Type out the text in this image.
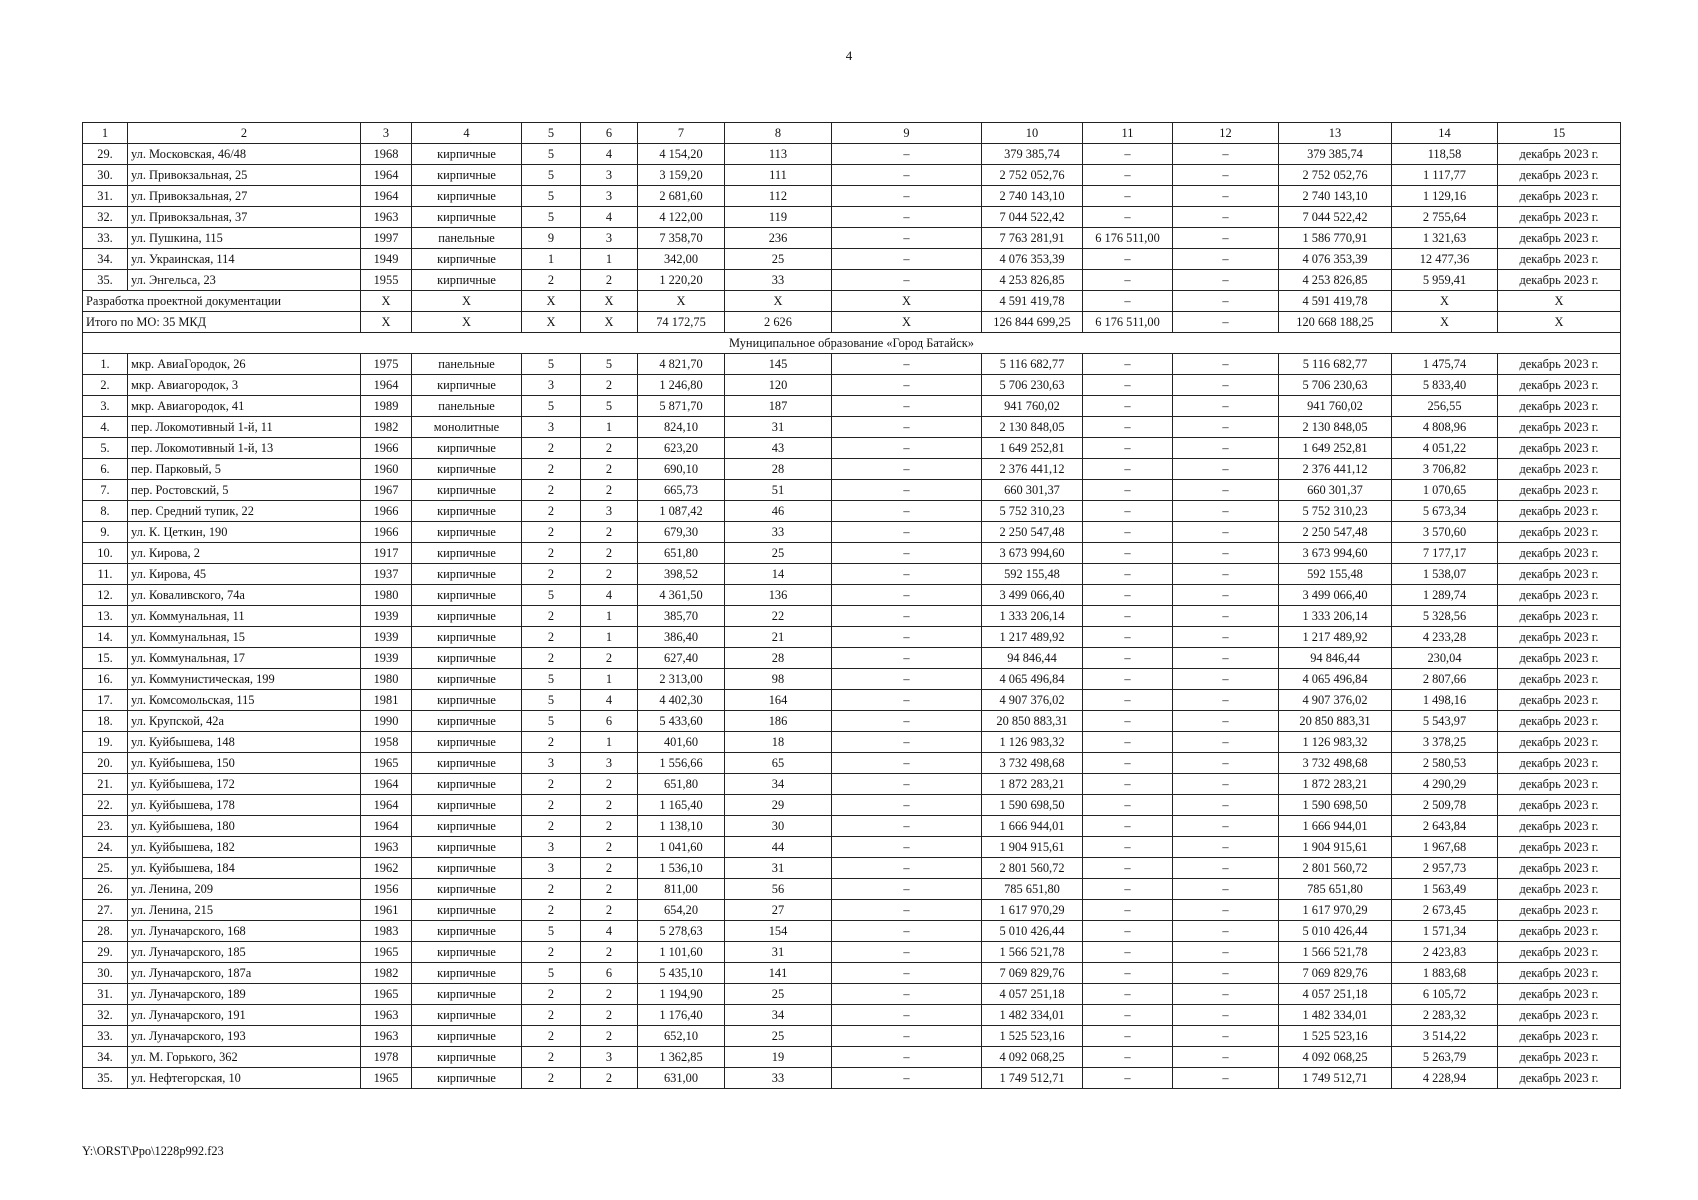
4
1	2	3	4	5	6	7	8	9	10	11	12	13	14	15
29.	ул. Московская, 46/48	1968	кирпичные	5	4	4 154,20	113	–	379 385,74	–	–	379 385,74	118,58	декабрь 2023 г.
30.	ул. Привокзальная, 25	1964	кирпичные	5	3	3 159,20	111	–	2 752 052,76	–	–	2 752 052,76	1 117,77	декабрь 2023 г.
31.	ул. Привокзальная, 27	1964	кирпичные	5	3	2 681,60	112	–	2 740 143,10	–	–	2 740 143,10	1 129,16	декабрь 2023 г.
32.	ул. Привокзальная, 37	1963	кирпичные	5	4	4 122,00	119	–	7 044 522,42	–	–	7 044 522,42	2 755,64	декабрь 2023 г.
33.	ул. Пушкина, 115	1997	панельные	9	3	7 358,70	236	–	7 763 281,91	6 176 511,00	–	1 586 770,91	1 321,63	декабрь 2023 г.
34.	ул. Украинская, 114	1949	кирпичные	1	1	342,00	25	–	4 076 353,39	–	–	4 076 353,39	12 477,36	декабрь 2023 г.
35.	ул. Энгельса, 23	1955	кирпичные	2	2	1 220,20	33	–	4 253 826,85	–	–	4 253 826,85	5 959,41	декабрь 2023 г.
Разработка проектной документации		X	X	X	X	X	X	X	4 591 419,78	–	–	4 591 419,78	X	X
Итого по МО: 35 МКД		X	X	X	X	74 172,75	2 626	X	126 844 699,25	6 176 511,00	–	120 668 188,25	X	X
Муниципальное образование «Город Батайск»														
1.	мкр. АвиаГородок, 26	1975	панельные	5	5	4 821,70	145	–	5 116 682,77	–	–	5 116 682,77	1 475,74	декабрь 2023 г.
2.	мкр. Авиагородок, 3	1964	кирпичные	3	2	1 246,80	120	–	5 706 230,63	–	–	5 706 230,63	5 833,40	декабрь 2023 г.
3.	мкр. Авиагородок, 41	1989	панельные	5	5	5 871,70	187	–	941 760,02	–	–	941 760,02	256,55	декабрь 2023 г.
4.	пер. Локомотивный 1-й, 11	1982	монолитные	3	1	824,10	31	–	2 130 848,05	–	–	2 130 848,05	4 808,96	декабрь 2023 г.
5.	пер. Локомотивный 1-й, 13	1966	кирпичные	2	2	623,20	43	–	1 649 252,81	–	–	1 649 252,81	4 051,22	декабрь 2023 г.
6.	пер. Парковый, 5	1960	кирпичные	2	2	690,10	28	–	2 376 441,12	–	–	2 376 441,12	3 706,82	декабрь 2023 г.
7.	пер. Ростовский, 5	1967	кирпичные	2	2	665,73	51	–	660 301,37	–	–	660 301,37	1 070,65	декабрь 2023 г.
8.	пер. Средний тупик, 22	1966	кирпичные	2	3	1 087,42	46	–	5 752 310,23	–	–	5 752 310,23	5 673,34	декабрь 2023 г.
9.	ул. К. Цеткин, 190	1966	кирпичные	2	2	679,30	33	–	2 250 547,48	–	–	2 250 547,48	3 570,60	декабрь 2023 г.
10.	ул. Кирова, 2	1917	кирпичные	2	2	651,80	25	–	3 673 994,60	–	–	3 673 994,60	7 177,17	декабрь 2023 г.
11.	ул. Кирова, 45	1937	кирпичные	2	2	398,52	14	–	592 155,48	–	–	592 155,48	1 538,07	декабрь 2023 г.
12.	ул. Коваливского, 74а	1980	кирпичные	5	4	4 361,50	136	–	3 499 066,40	–	–	3 499 066,40	1 289,74	декабрь 2023 г.
13.	ул. Коммунальная, 11	1939	кирпичные	2	1	385,70	22	–	1 333 206,14	–	–	1 333 206,14	5 328,56	декабрь 2023 г.
14.	ул. Коммунальная, 15	1939	кирпичные	2	1	386,40	21	–	1 217 489,92	–	–	1 217 489,92	4 233,28	декабрь 2023 г.
15.	ул. Коммунальная, 17	1939	кирпичные	2	2	627,40	28	–	94 846,44	–	–	94 846,44	230,04	декабрь 2023 г.
16.	ул. Коммунистическая, 199	1980	кирпичные	5	1	2 313,00	98	–	4 065 496,84	–	–	4 065 496,84	2 807,66	декабрь 2023 г.
17.	ул. Комсомольская, 115	1981	кирпичные	5	4	4 402,30	164	–	4 907 376,02	–	–	4 907 376,02	1 498,16	декабрь 2023 г.
18.	ул. Крупской, 42а	1990	кирпичные	5	6	5 433,60	186	–	20 850 883,31	–	–	20 850 883,31	5 543,97	декабрь 2023 г.
19.	ул. Куйбышева, 148	1958	кирпичные	2	1	401,60	18	–	1 126 983,32	–	–	1 126 983,32	3 378,25	декабрь 2023 г.
20.	ул. Куйбышева, 150	1965	кирпичные	3	3	1 556,66	65	–	3 732 498,68	–	–	3 732 498,68	2 580,53	декабрь 2023 г.
21.	ул. Куйбышева, 172	1964	кирпичные	2	2	651,80	34	–	1 872 283,21	–	–	1 872 283,21	4 290,29	декабрь 2023 г.
22.	ул. Куйбышева, 178	1964	кирпичные	2	2	1 165,40	29	–	1 590 698,50	–	–	1 590 698,50	2 509,78	декабрь 2023 г.
23.	ул. Куйбышева, 180	1964	кирпичные	2	2	1 138,10	30	–	1 666 944,01	–	–	1 666 944,01	2 643,84	декабрь 2023 г.
24.	ул. Куйбышева, 182	1963	кирпичные	3	2	1 041,60	44	–	1 904 915,61	–	–	1 904 915,61	1 967,68	декабрь 2023 г.
25.	ул. Куйбышева, 184	1962	кирпичные	3	2	1 536,10	31	–	2 801 560,72	–	–	2 801 560,72	2 957,73	декабрь 2023 г.
26.	ул. Ленина, 209	1956	кирпичные	2	2	811,00	56	–	785 651,80	–	–	785 651,80	1 563,49	декабрь 2023 г.
27.	ул. Ленина, 215	1961	кирпичные	2	2	654,20	27	–	1 617 970,29	–	–	1 617 970,29	2 673,45	декабрь 2023 г.
28.	ул. Луначарского, 168	1983	кирпичные	5	4	5 278,63	154	–	5 010 426,44	–	–	5 010 426,44	1 571,34	декабрь 2023 г.
29.	ул. Луначарского, 185	1965	кирпичные	2	2	1 101,60	31	–	1 566 521,78	–	–	1 566 521,78	2 423,83	декабрь 2023 г.
30.	ул. Луначарского, 187а	1982	кирпичные	5	6	5 435,10	141	–	7 069 829,76	–	–	7 069 829,76	1 883,68	декабрь 2023 г.
31.	ул. Луначарского, 189	1965	кирпичные	2	2	1 194,90	25	–	4 057 251,18	–	–	4 057 251,18	6 105,72	декабрь 2023 г.
32.	ул. Луначарского, 191	1963	кирпичные	2	2	1 176,40	34	–	1 482 334,01	–	–	1 482 334,01	2 283,32	декабрь 2023 г.
33.	ул. Луначарского, 193	1963	кирпичные	2	2	652,10	25	–	1 525 523,16	–	–	1 525 523,16	3 514,22	декабрь 2023 г.
34.	ул. М. Горького, 362	1978	кирпичные	2	3	1 362,85	19	–	4 092 068,25	–	–	4 092 068,25	5 263,79	декабрь 2023 г.
35.	ул. Нефтегорская, 10	1965	кирпичные	2	2	631,00	33	–	1 749 512,71	–	–	1 749 512,71	4 228,94	декабрь 2023 г.
Y:\ORST\Ppo\1228p992.f23
